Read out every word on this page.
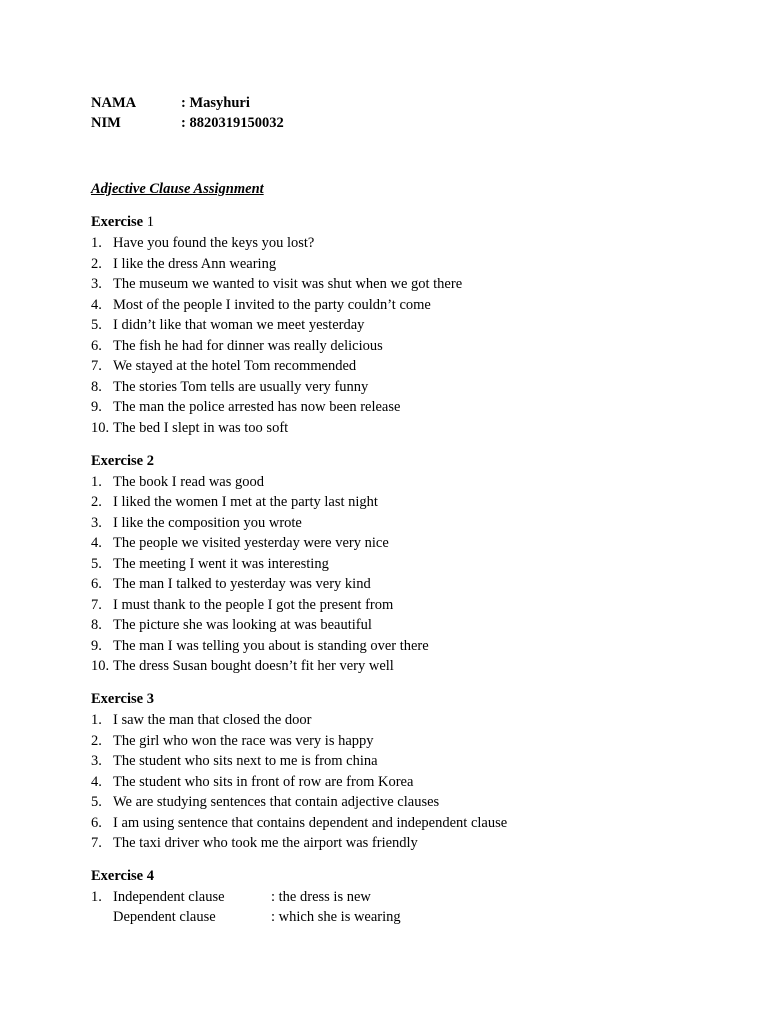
NAMA	: Masyhuri
NIM	: 8820319150032
Adjective Clause Assignment
Exercise 1
1. Have you found the keys you lost?
2. I like the dress Ann wearing
3. The museum we wanted to visit was shut when we got there
4. Most of the people I invited to the party couldn’t come
5. I didn’t like that woman we meet yesterday
6. The fish he had for dinner was really delicious
7. We stayed at the hotel Tom recommended
8. The stories Tom tells are usually very funny
9. The man the police arrested has now been release
10. The bed I slept in was too soft
Exercise 2
1. The book I read was good
2. I liked the women I met at the party last night
3. I like the composition you wrote
4. The people we visited yesterday were very nice
5. The meeting I went it was interesting
6. The man I talked to yesterday was very kind
7. I must thank to the people I got the present from
8. The picture she was looking at was beautiful
9. The man I was telling you about is standing over there
10. The dress Susan bought doesn’t fit her very well
Exercise 3
1. I saw the man that closed the door
2. The girl who won the race was very is happy
3. The student who sits next to me is from china
4. The student who sits in front of row are from Korea
5. We are studying sentences that contain adjective clauses
6. I am using sentence that contains dependent and independent clause
7. The taxi driver who took me the airport was friendly
Exercise 4
1. Independent clause	: the dress is new
Dependent clause	: which she is wearing
